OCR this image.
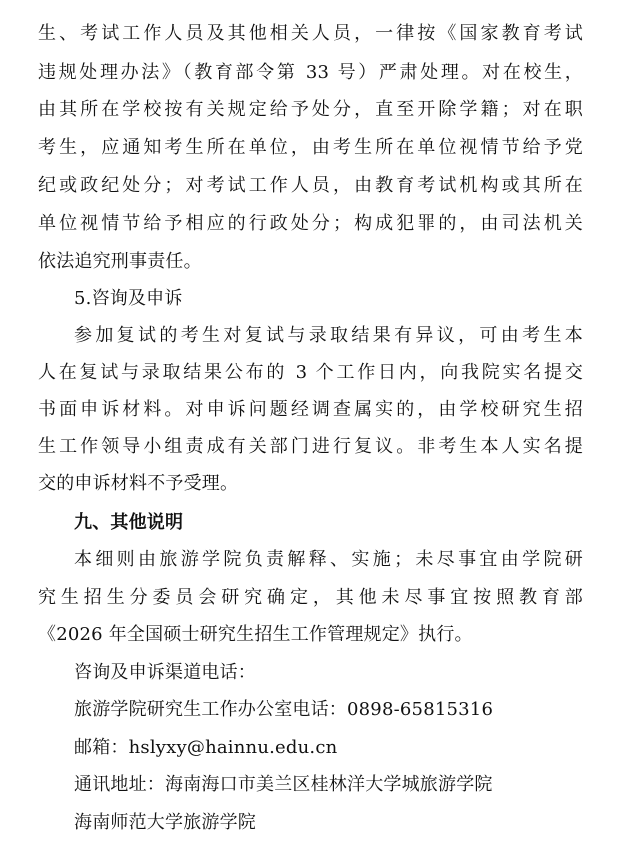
生、考试工作人员及其他相关人员，一律按《国家教育考试
违规处理办法》（教育部令第 33 号）严肃处理。对在校生，
由其所在学校按有关规定给予处分，直至开除学籍；对在职
考生，应通知考生所在单位，由考生所在单位视情节给予党
纪或政纪处分；对考试工作人员，由教育考试机构或其所在
单位视情节给予相应的行政处分；构成犯罪的，由司法机关
依法追究刑事责任。
5.咨询及申诉
参加复试的考生对复试与录取结果有异议，可由考生本
人在复试与录取结果公布的 3 个工作日内，向我院实名提交
书面申诉材料。对申诉问题经调查属实的，由学校研究生招
生工作领导小组责成有关部门进行复议。非考生本人实名提
交的申诉材料不予受理。
九、其他说明
本细则由旅游学院负责解释、实施；未尽事宜由学院研
究生招生分委员会研究确定，其他未尽事宜按照教育部
《2026 年全国硕士研究生招生工作管理规定》执行。
咨询及申诉渠道电话：
旅游学院研究生工作办公室电话：0898-65815316
邮箱：hslyxy@hainnu.edu.cn
通讯地址：海南海口市美兰区桂林洋大学城旅游学院
海南师范大学旅游学院
